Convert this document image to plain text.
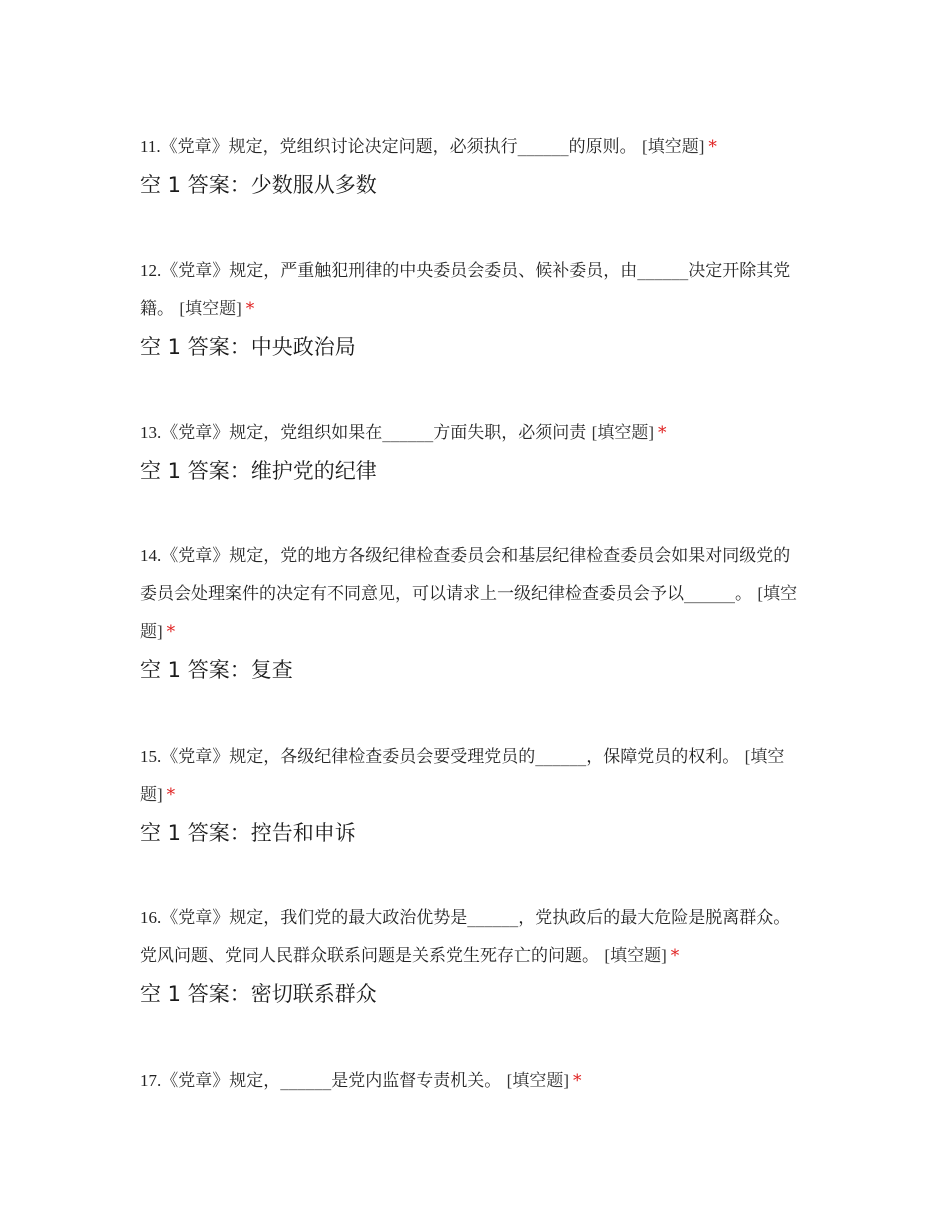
11.《党章》规定，党组织讨论决定问题，必须执行______的原则。 [填空题] *

空 1 答案：少数服从多数

12.《党章》规定，严重触犯刑律的中央委员会委员、候补委员，由______决定开除其党籍。 [填空题] *

空 1 答案：中央政治局

13.《党章》规定，党组织如果在______方面失职，必须问责 [填空题] *

空 1 答案：维护党的纪律

14.《党章》规定，党的地方各级纪律检查委员会和基层纪律检查委员会如果对同级党的委员会处理案件的决定有不同意见，可以请求上一级纪律检查委员会予以______。 [填空题] *

空 1 答案：复查

15.《党章》规定，各级纪律检查委员会要受理党员的______，保障党员的权利。 [填空题] *

空 1 答案：控告和申诉

16.《党章》规定，我们党的最大政治优势是______，党执政后的最大危险是脱离群众。党风问题、党同人民群众联系问题是关系党生死存亡的问题。 [填空题] *

空 1 答案：密切联系群众

17.《党章》规定，______是党内监督专责机关。 [填空题] *
